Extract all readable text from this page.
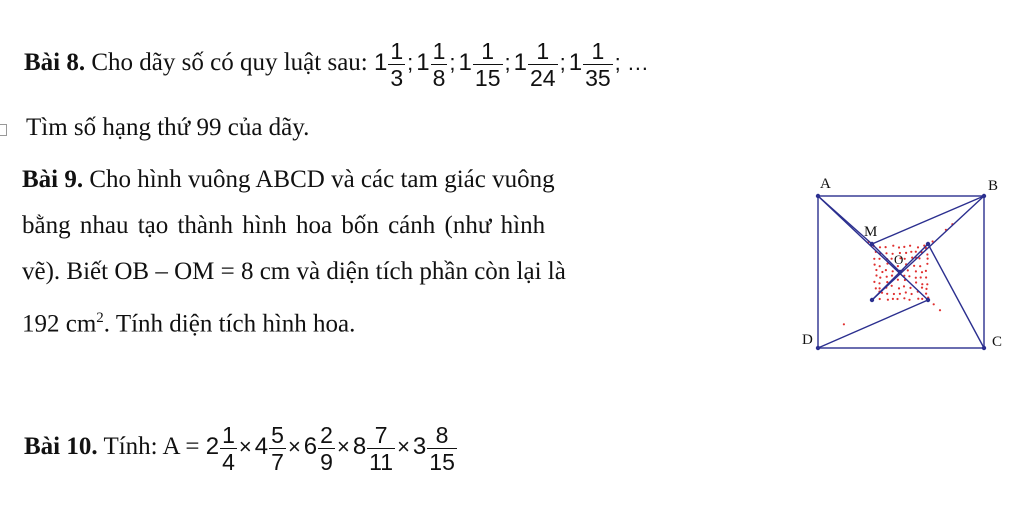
Bài 8. Cho dãy số có quy luật sau: $1 \frac{1}{3}$ ; $1 \frac{1}{8}$ ; $1 \frac{1}{15}$ ; $1 \frac{1}{24}$ ; $1 \frac{1}{35}$ ; …
Tìm số hạng thứ 99 của dãy.
Bài 9. Cho hình vuông ABCD và các tam giác vuông
bằng nhau tạo thành hình hoa bốn cánh (như hình
vẽ). Biết OB – OM = 8 cm và diện tích phần còn lại là
192 $cm^2$. Tính diện tích hình hoa.
A	B
C
D
M
O
Bài 10. Tính: $A = 2 \frac{1}{4} \times 4 \frac{5}{7} \times 6 \frac{2}{9} \times 8 \frac{7}{11} \times 3 \frac{8}{15}$
